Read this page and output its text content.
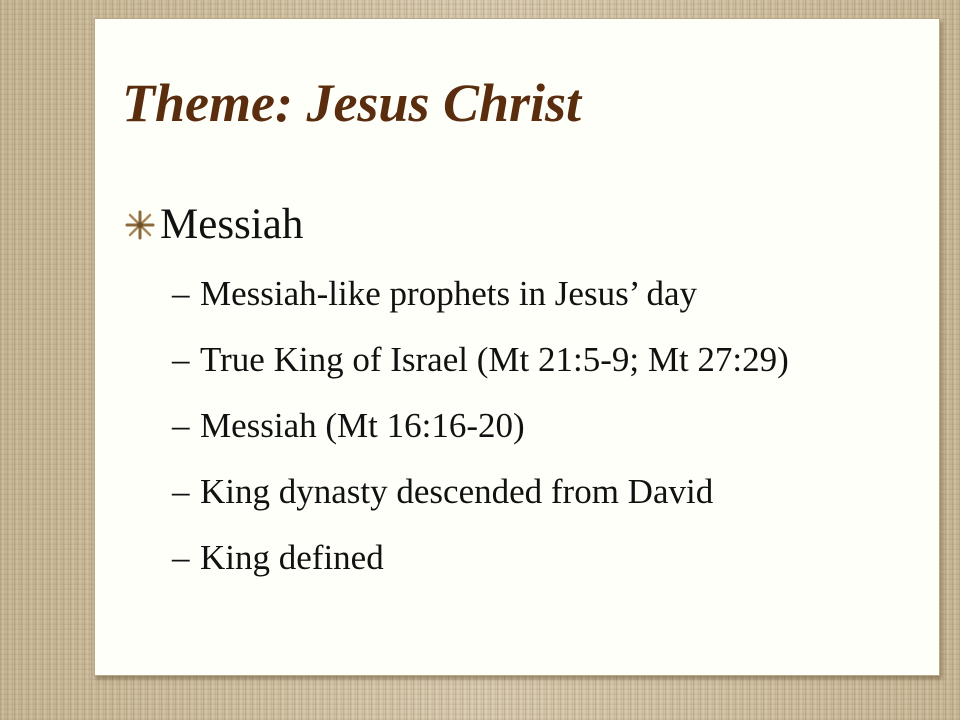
Theme: Jesus Christ
Messiah
– Messiah-like prophets in Jesus’ day
– True King of Israel (Mt 21:5-9; Mt 27:29)
– Messiah (Mt 16:16-20)
– King dynasty descended from David
– King defined
